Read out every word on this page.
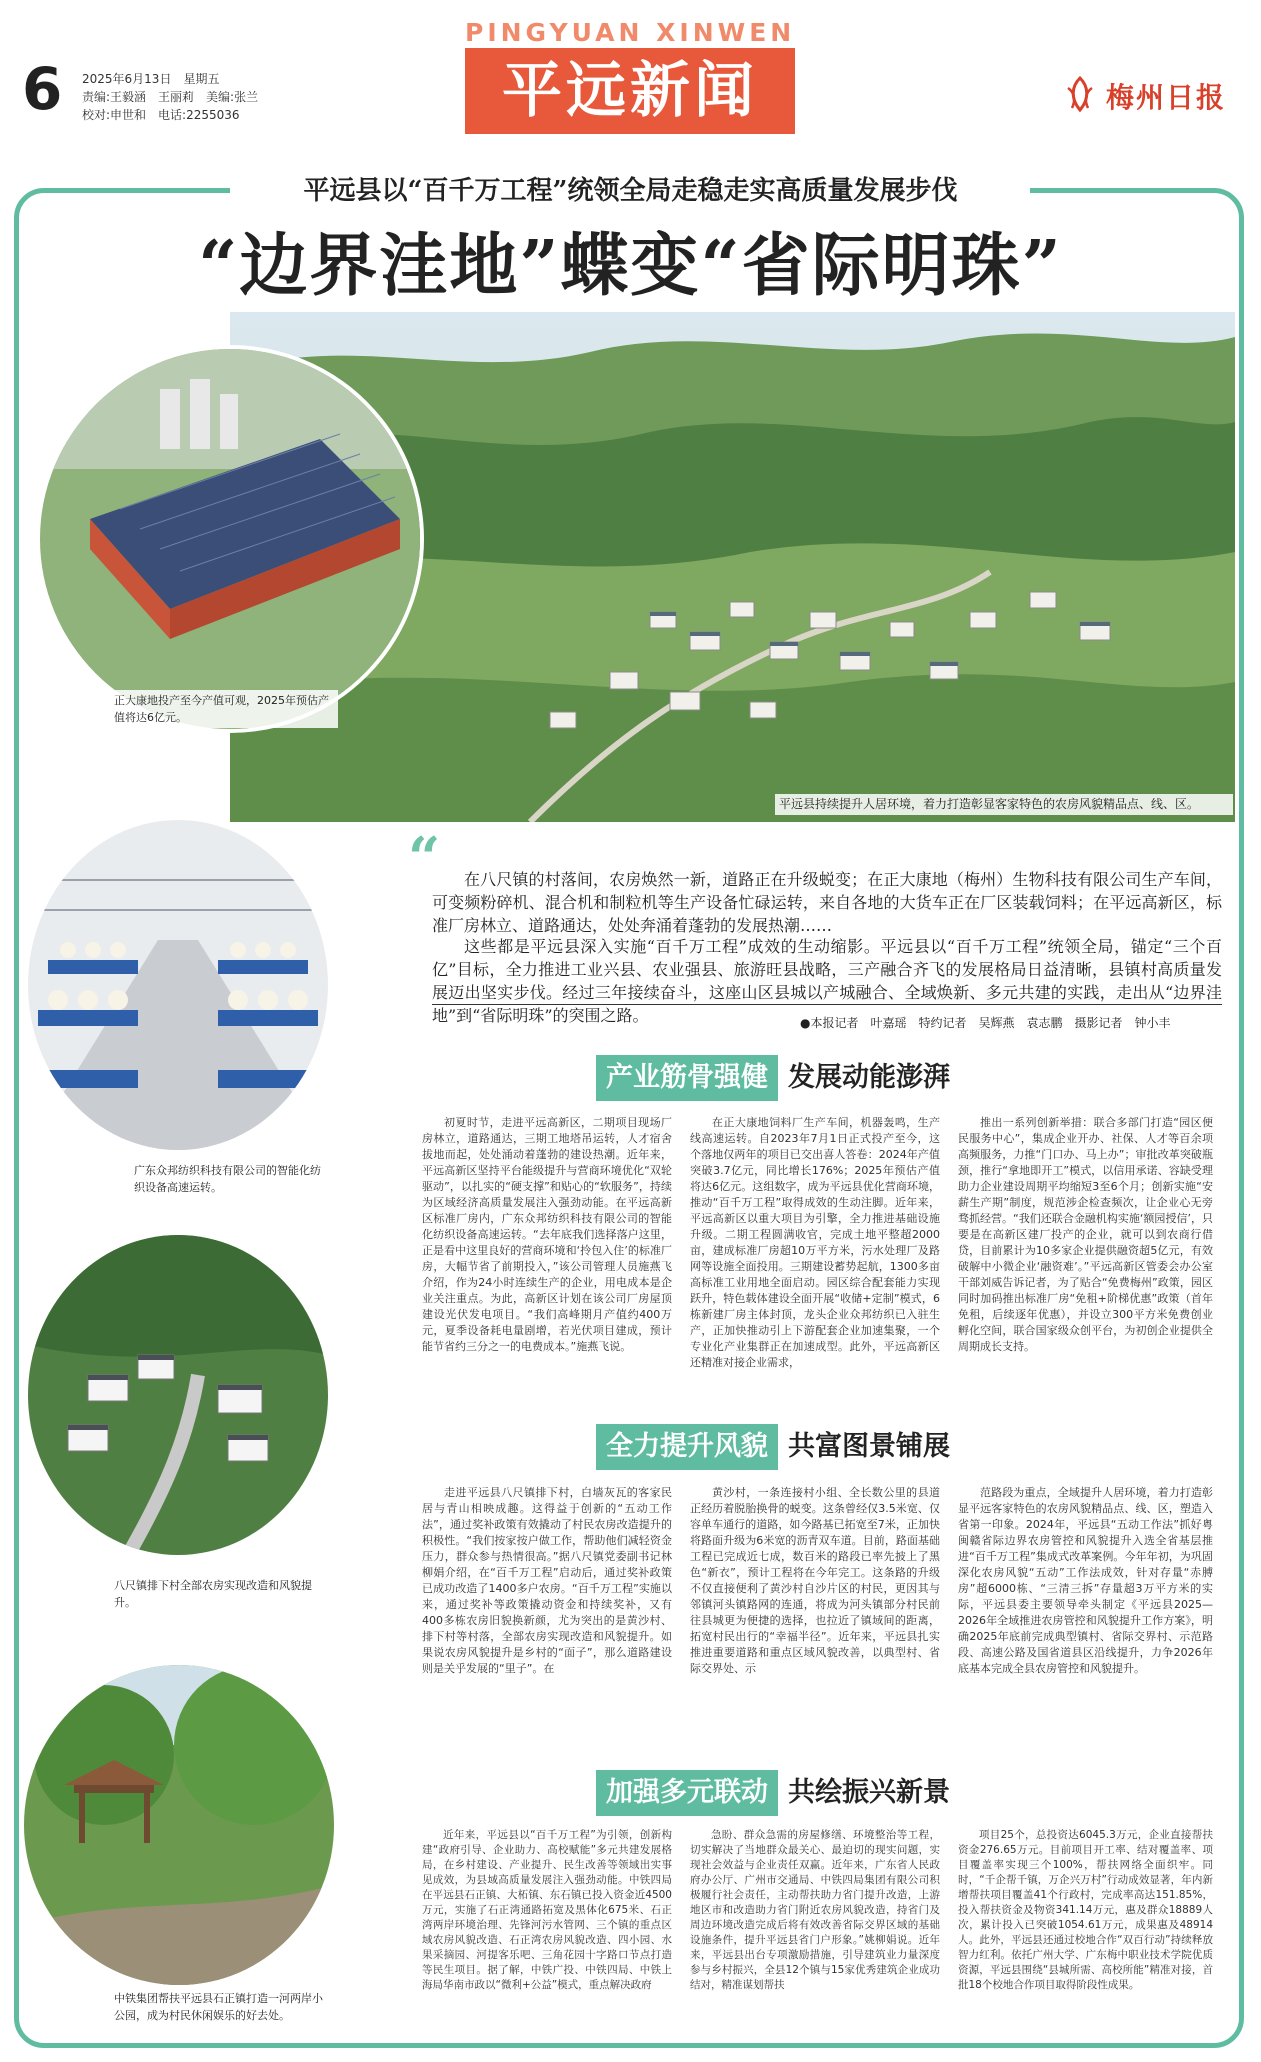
6 2025年6月13日　星期五
责编:王毅涵　王丽莉　美编:张兰
校对:申世和　电话:2255036
PINGYUAN XINWEN
平远新闻	梅州日报
平远县以“百千万工程”统领全局走稳走实高质量发展步伐
“边界洼地”蝶变“省际明珠”
平远县持续提升人居环境，着力打造彰显客家特色的农房风貌精品点、线、区。
正大康地投产至今产值可观，2025年预估产值将达6亿元。
广东众邦纺织科技有限公司的智能化纺织设备高速运转。
八尺镇排下村全部农房实现改造和风貌提升。
中铁集团帮扶平远县石正镇打造一河两岸小公园，成为村民休闲娱乐的好去处。
“	在八尺镇的村落间，农房焕然一新，道路正在升级蜕变；在正大康地（梅州）生物科技有限公司生产车间，可变频粉碎机、混合机和制粒机等生产设备忙碌运转，来自各地的大货车正在厂区装载饲料；在平远高新区，标准厂房林立、道路通达，处处奔涌着蓬勃的发展热潮……
这些都是平远县深入实施“百千万工程”成效的生动缩影。平远县以“百千万工程”统领全局，锚定“三个百亿”目标，全力推进工业兴县、农业强县、旅游旺县战略，三产融合齐飞的发展格局日益清晰，县镇村高质量发展迈出坚实步伐。经过三年接续奋斗，这座山区县城以产城融合、全域焕新、多元共建的实践，走出从“边界洼地”到“省际明珠”的突围之路。	●本报记者　叶嘉瑶　特约记者　吴辉燕　袁志鹏　摄影记者　钟小丰
产业筋骨强健 发展动能澎湃

初夏时节，走进平远高新区，二期项目现场厂房林立，道路通达，三期工地塔吊运转，人才宿舍拔地而起，处处涌动着蓬勃的建设热潮。近年来，平远高新区坚持平台能级提升与营商环境优化“双轮驱动”，以扎实的“硬支撑”和贴心的“软服务”，持续为区域经济高质量发展注入强劲动能。在平远高新区标准厂房内，广东众邦纺织科技有限公司的智能化纺织设备高速运转。“去年底我们选择落户这里，正是看中这里良好的营商环境和‘拎包入住’的标准厂房，大幅节省了前期投入，”该公司管理人员施燕飞介绍，作为24小时连续生产的企业，用电成本是企业关注重点。为此，高新区计划在该公司厂房屋顶建设光伏发电项目。“我们高峰期月产值约400万元，夏季设备耗电量剧增，若光伏项目建成，预计能节省约三分之一的电费成本。”施燕飞说。

在正大康地饲料厂生产车间，机器轰鸣，生产线高速运转。自2023年7月1日正式投产至今，这个落地仅两年的项目已交出喜人答卷：2024年产值突破3.7亿元，同比增长176%；2025年预估产值将达6亿元。这组数字，成为平远县优化营商环境，推动“百千万工程”取得成效的生动注脚。近年来，平远高新区以重大项目为引擎，全力推进基础设施升级。二期工程圆满收官，完成土地平整超2000亩，建成标准厂房超10万平方米，污水处理厂及路网等设施全面投用。三期建设蓄势起航，1300多亩高标准工业用地全面启动。园区综合配套能力实现跃升，特色载体建设全面开展“收储+定制”模式，6栋新建厂房主体封顶，龙头企业众邦纺织已入驻生产，正加快推动引上下游配套企业加速集聚，一个专业化产业集群正在加速成型。此外，平远高新区还精准对接企业需求，

推出一系列创新举措：联合多部门打造“园区便民服务中心”，集成企业开办、社保、人才等百余项高频服务，力推“门口办、马上办”；审批改革突破瓶颈，推行“拿地即开工”模式，以信用承诺、容缺受理助力企业建设周期平均缩短3至6个月；创新实施“安薪生产期”制度，规范涉企检查频次，让企业心无旁骛抓经营。“我们还联合金融机构实施‘额园授信’，只要是在高新区建厂投产的企业，就可以到农商行借贷，目前累计为10多家企业提供融资超5亿元，有效破解中小微企业‘融资难’。”平远高新区管委会办公室干部刘威告诉记者，为了贴合“免费梅州”政策，园区同时加码推出标准厂房“免租+阶梯优惠”政策（首年免租，后续逐年优惠），并设立300平方米免费创业孵化空间，联合国家级众创平台，为初创企业提供全周期成长支持。

全力提升风貌 共富图景铺展

走进平远县八尺镇排下村，白墙灰瓦的客家民居与青山相映成趣。这得益于创新的“五动工作法”，通过奖补政策有效撬动了村民农房改造提升的积极性。“我们按家按户做工作，帮助他们减轻资金压力，群众参与热情很高。”据八尺镇党委副书记林柳娟介绍，在“百千万工程”启动后，通过奖补政策已成功改造了1400多户农房。“百千万工程”实施以来，通过奖补等政策撬动资金和持续奖补，又有400多栋农房旧貌换新颜，尤为突出的是黄沙村、排下村等村落，全部农房实现改造和风貌提升。如果说农房风貌提升是乡村的“面子”，那么道路建设则是关乎发展的“里子”。在

黄沙村，一条连接村小组、全长数公里的县道正经历着脱胎换骨的蜕变。这条曾经仅3.5米宽、仅容单车通行的道路，如今路基已拓宽至7米，正加快将路面升级为6米宽的沥青双车道。目前，路面基础工程已完成近七成，数百米的路段已率先披上了黑色“新衣”，预计工程将在今年完工。这条路的升级不仅直接便利了黄沙村自沙片区的村民，更因其与邻镇河头镇路网的连通，将成为河头镇部分村民前往县城更为便捷的选择，也拉近了镇域间的距离，拓宽村民出行的“幸福半径”。近年来，平远县扎实推进重要道路和重点区域风貌改善，以典型村、省际交界处、示

范路段为重点，全域提升人居环境，着力打造彰显平远客家特色的农房风貌精品点、线、区，塑造入省第一印象。2024年，平远县“五动工作法”抓好粤闽赣省际边界农房管控和风貌提升入选全省基层推进“百千万工程”集成式改革案例。今年年初，为巩固深化农房风貌“五动”工作法成效，针对存量“赤膊房”超6000栋、“三清三拆”存量超3万平方米的实际，平远县委主要领导牵头制定《平远县2025—2026年全域推进农房管控和风貌提升工作方案》，明确2025年底前完成典型镇村、省际交界村、示范路段、高速公路及国省道县区沿线提升，力争2026年底基本完成全县农房管控和风貌提升。

加强多元联动 共绘振兴新景

近年来，平远县以“百千万工程”为引领，创新构建“政府引导、企业助力、高校赋能”多元共建发展格局，在乡村建设、产业提升、民生改善等领域出实事见成效，为县域高质量发展注入强劲动能。中铁四局在平远县石正镇、大柘镇、东石镇已投入资金近4500万元，实施了石正湾通路拓宽及黑体化675米、石正湾两岸环境治理、先锋河污水管网、三个镇的重点区域农房风貌改造、石正湾农房风貌改造、四小园、水果采摘园、河提客乐吧、三角花园十字路口节点打造等民生项目。据了解，中铁广投、中铁四局、中铁上海局华南市政以“微利+公益”模式，重点解决政府

急盼、群众急需的房屋修缮、环境整治等工程，切实解决了当地群众最关心、最迫切的现实问题，实现社会效益与企业责任双赢。近年来，广东省人民政府办公厅、广州市交通局、中铁四局集团有限公司积极履行社会责任，主动帮扶助力省门提升改造，上游地区市和改造助力省门附近农房风貌改造，持省门及周边环境改造完成后将有效改善省际交界区域的基础设施条件，提升平远县省门户形象。”姚柳娟说。近年来，平远县出台专项激励措施，引导建筑业力量深度参与乡村振兴，全县12个镇与15家优秀建筑企业成功结对，精准谋划帮扶

项目25个，总投资达6045.3万元，企业直接帮扶资金276.65万元。目前项目开工率、结对覆盖率、项目覆盖率实现三个100%，帮扶网络全面织牢。同时，“千企帮千镇，万企兴万村”行动成效显著，年内新增帮扶项目覆盖41个行政村，完成率高达151.85%，投入帮扶资金及物资341.14万元，惠及群众18889人次，累计投入已突破1054.61万元，成果惠及48914人。此外，平远县还通过校地合作“双百行动”持续释放智力红利。依托广州大学、广东梅中职业技术学院优质资源，平远县围绕“县城所需、高校所能”精准对接，首批18个校地合作项目取得阶段性成果。
